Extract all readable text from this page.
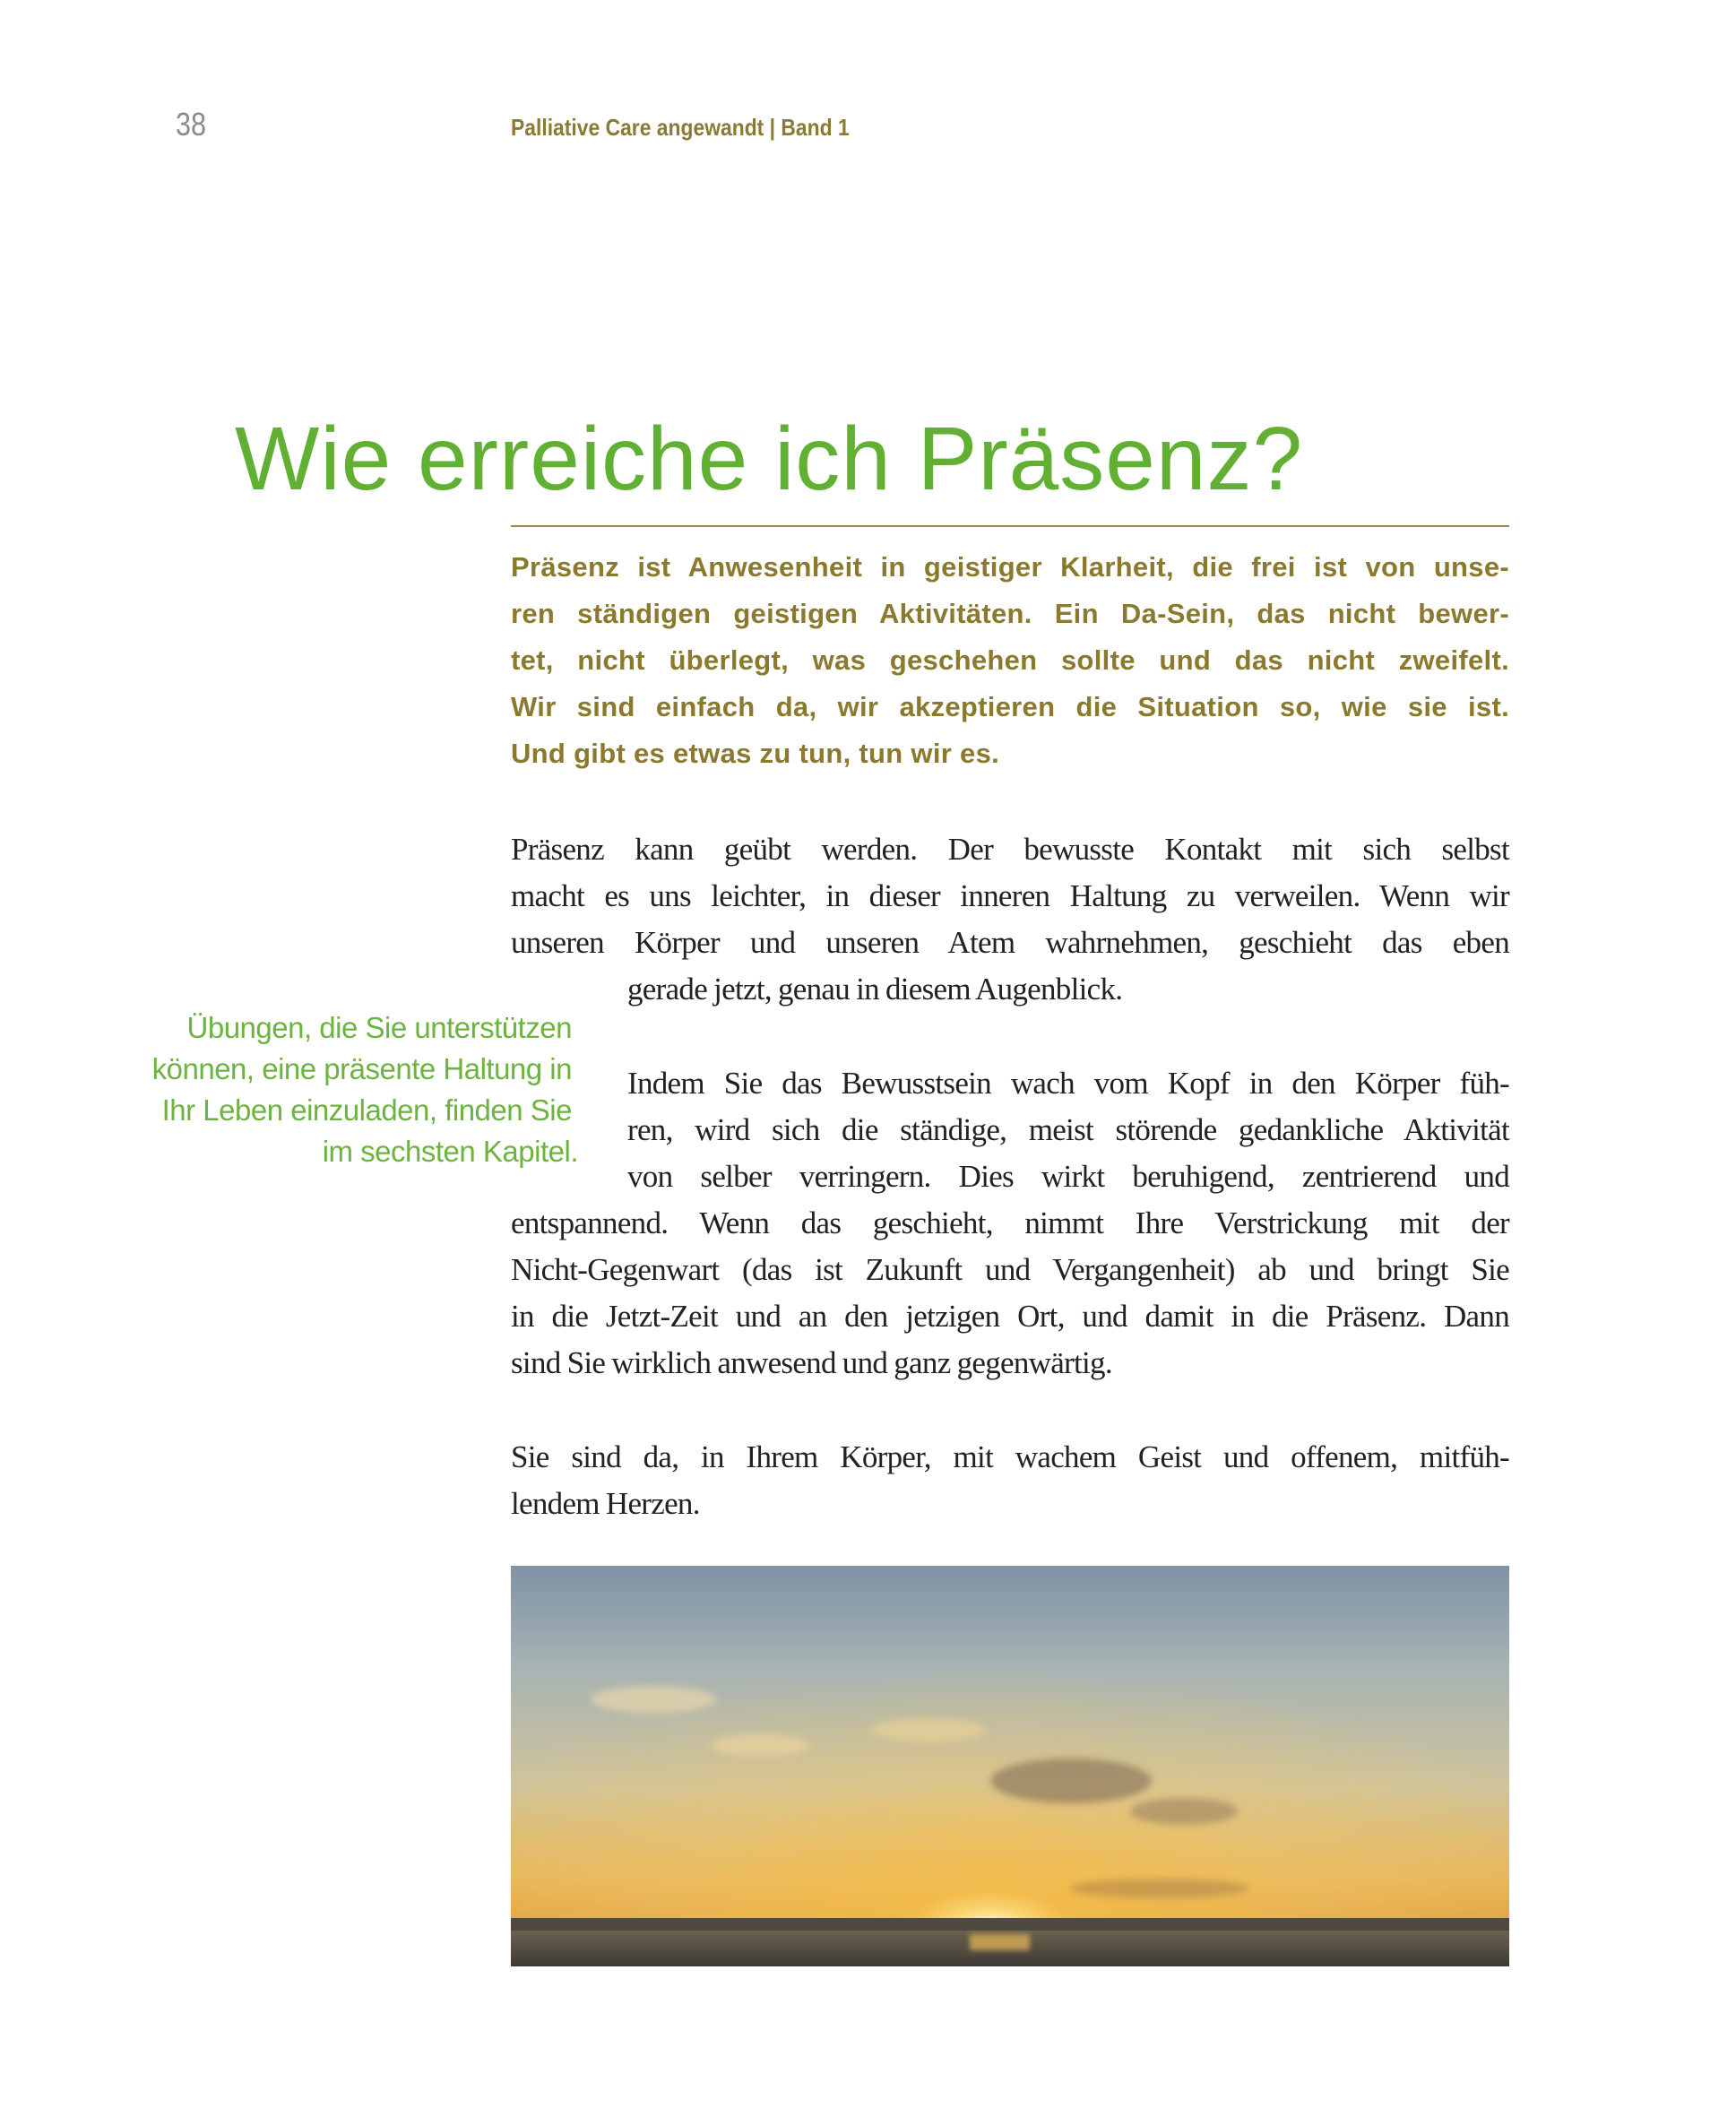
38	Palliative Care angewandt | Band 1
Wie erreiche ich Präsenz?
Präsenz ist Anwesenheit in geistiger Klarheit, die frei ist von unse-
ren ständigen geistigen Aktivitäten. Ein Da-Sein, das nicht bewer-
tet, nicht überlegt, was geschehen sollte und das nicht zweifelt.
Wir sind einfach da, wir akzeptieren die Situation so, wie sie ist.
Und gibt es etwas zu tun, tun wir es.
Präsenz kann geübt werden. Der bewusste Kontakt mit sich selbst
macht es uns leichter, in dieser inneren Haltung zu verweilen. Wenn wir
unseren Körper und unseren Atem wahrnehmen, geschieht das eben
gerade jetzt, genau in diesem Augenblick.
Indem Sie das Bewusstsein wach vom Kopf in den Körper füh-
ren, wird sich die ständige, meist störende gedankliche Aktivität
von selber verringern. Dies wirkt beruhigend, zentrierend und
entspannend. Wenn das geschieht, nimmt Ihre Verstrickung mit der
Nicht-Gegenwart (das ist Zukunft und Vergangenheit) ab und bringt Sie
in die Jetzt-Zeit und an den jetzigen Ort, und damit in die Präsenz. Dann
sind Sie wirklich anwesend und ganz gegenwärtig.
Sie sind da, in Ihrem Körper, mit wachem Geist und offenem, mitfüh-
lendem Herzen.
Übungen, die Sie unterstützen
können, eine präsente Haltung in
Ihr Leben einzuladen, finden Sie
im sechsten Kapitel.
